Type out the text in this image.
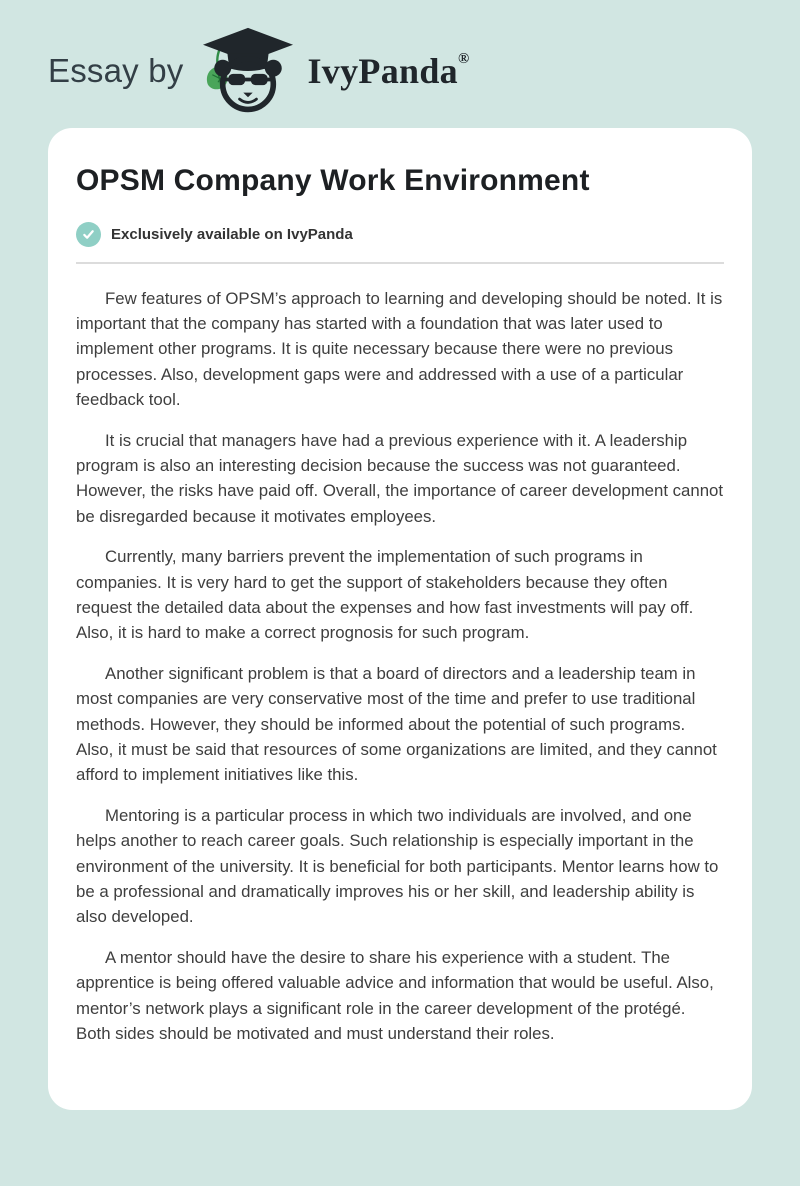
Essay by	IvyPanda®
OPSM Company Work Environment
Exclusively available on IvyPanda

Few features of OPSM’s approach to learning and developing should be noted. It is important that the company has started with a foundation that was later used to implement other programs. It is quite necessary because there were no previous processes. Also, development gaps were and addressed with a use of a particular feedback tool.

It is crucial that managers have had a previous experience with it. A leadership program is also an interesting decision because the success was not guaranteed. However, the risks have paid off. Overall, the importance of career development cannot be disregarded because it motivates employees.

Currently, many barriers prevent the implementation of such programs in companies. It is very hard to get the support of stakeholders because they often request the detailed data about the expenses and how fast investments will pay off. Also, it is hard to make a correct prognosis for such program.

Another significant problem is that a board of directors and a leadership team in most companies are very conservative most of the time and prefer to use traditional methods. However, they should be informed about the potential of such programs. Also, it must be said that resources of some organizations are limited, and they cannot afford to implement initiatives like this.

Mentoring is a particular process in which two individuals are involved, and one helps another to reach career goals. Such relationship is especially important in the environment of the university. It is beneficial for both participants. Mentor learns how to be a professional and dramatically improves his or her skill, and leadership ability is also developed.

A mentor should have the desire to share his experience with a student. The apprentice is being offered valuable advice and information that would be useful. Also, mentor’s network plays a significant role in the career development of the protégé. Both sides should be motivated and must understand their roles.
